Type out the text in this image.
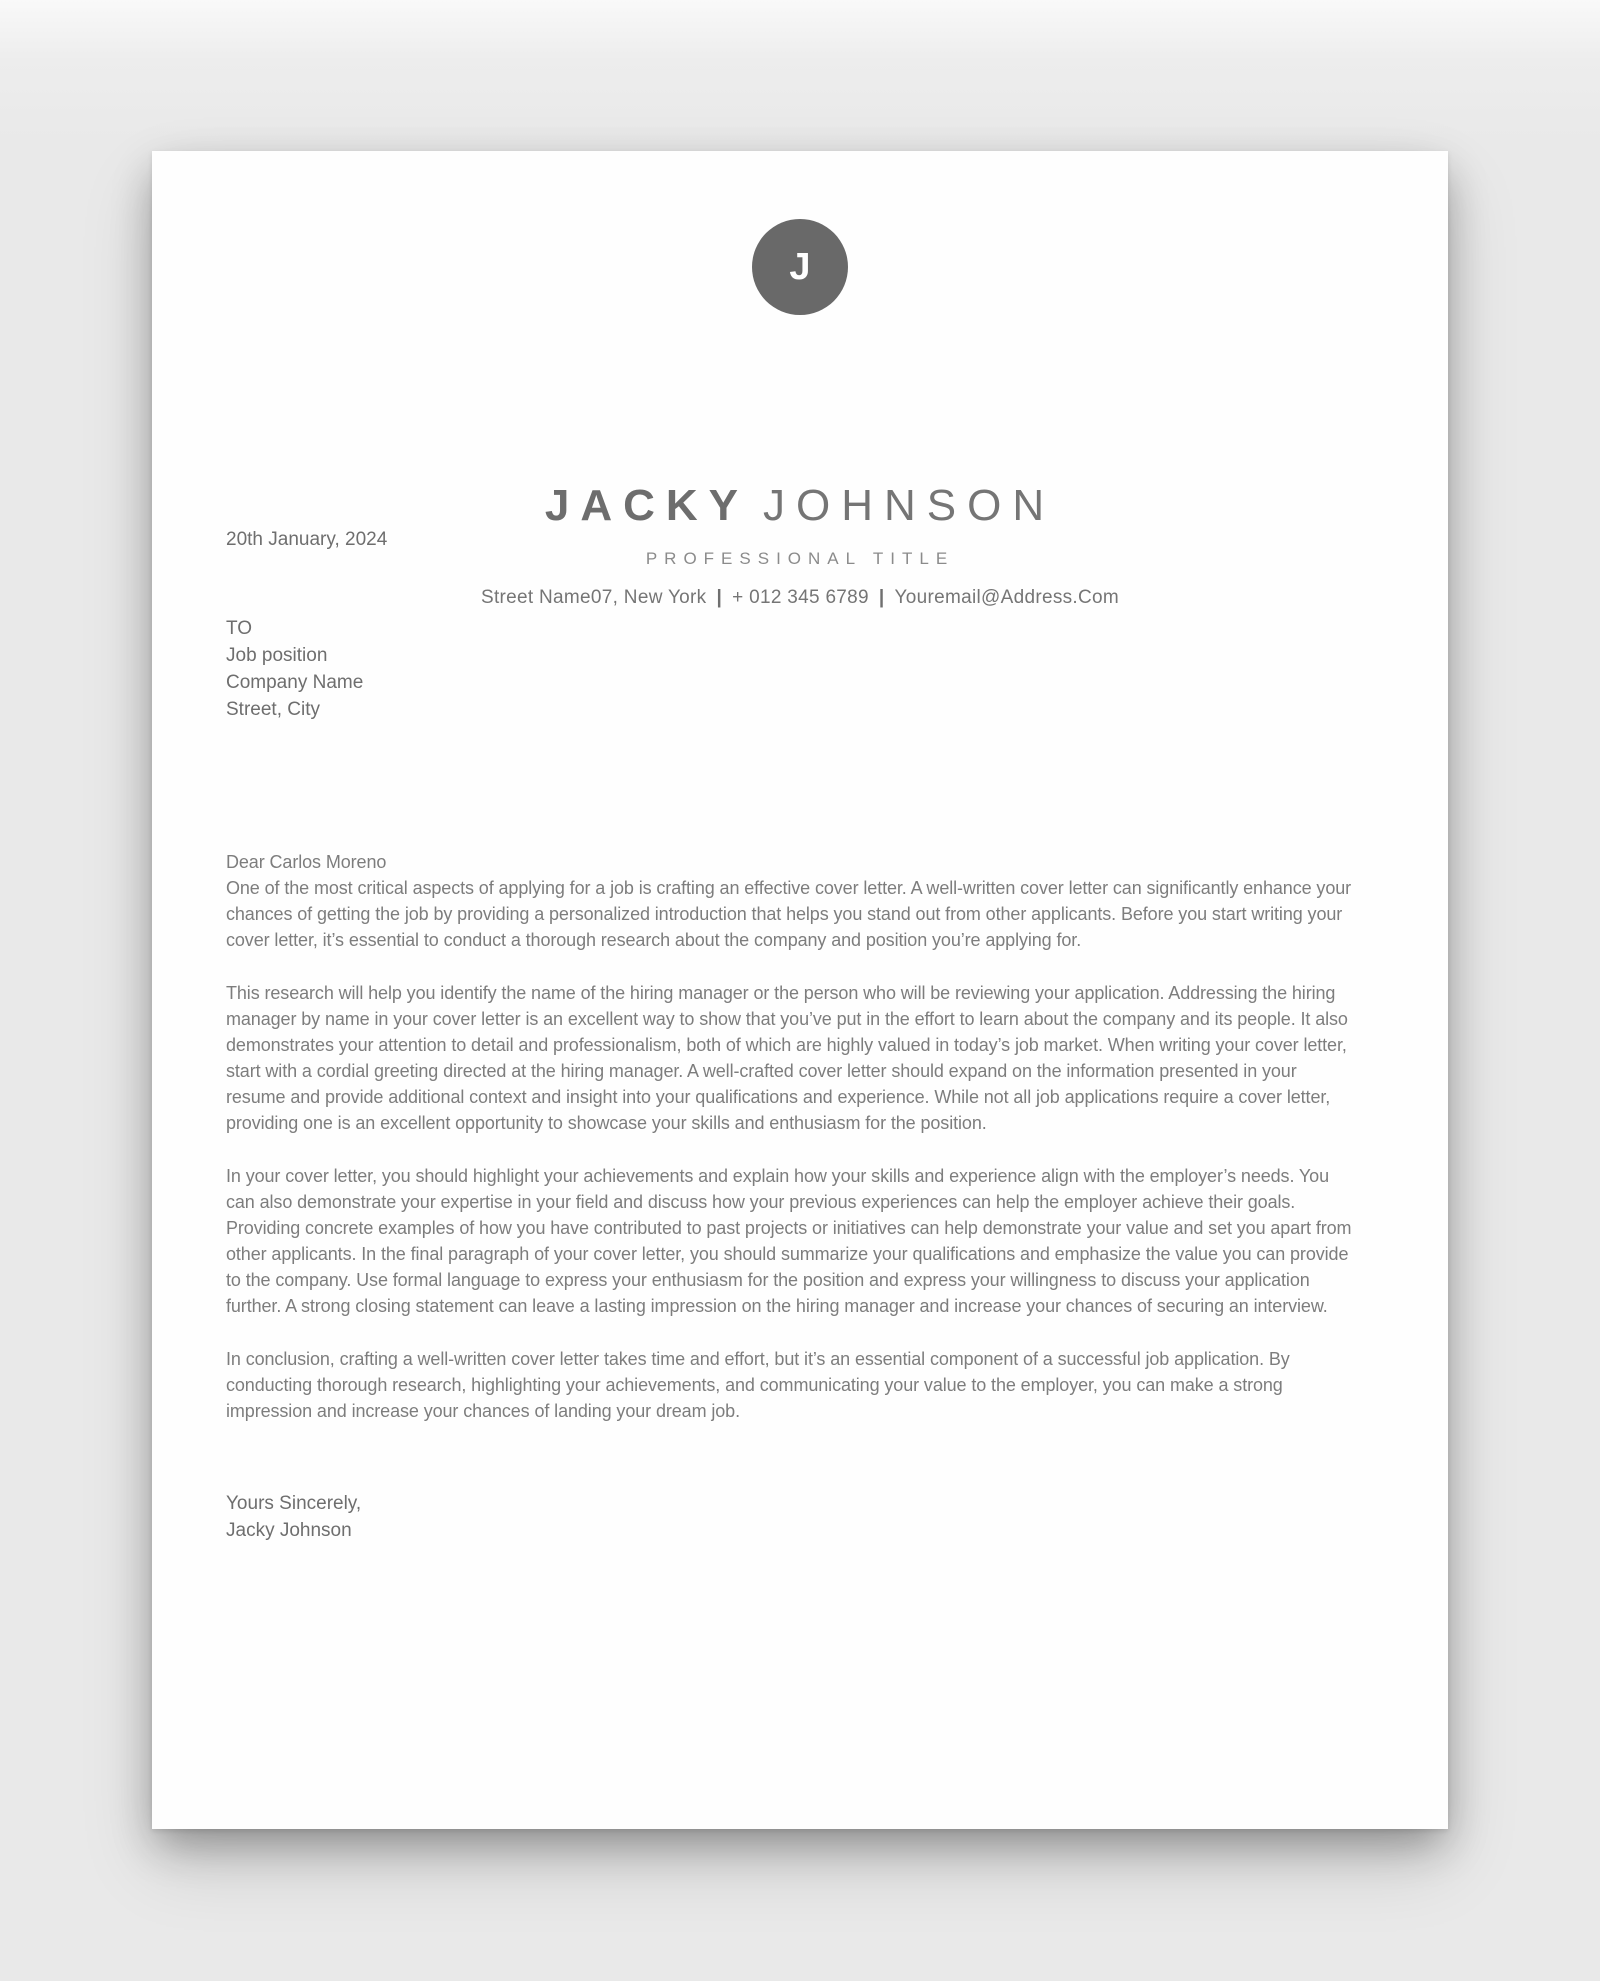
J
JACKY JOHNSON
PROFESSIONAL TITLE
Street Name07, New York | + 012 345 6789 | Youremail@Address.Com
20th January, 2024
TO
Job position
Company Name
Street, City

Dear Carlos Moreno
One of the most critical aspects of applying for a job is crafting an effective cover letter. A well-written cover letter can significantly enhance your chances of getting the job by providing a personalized introduction that helps you stand out from other applicants. Before you start writing your cover letter, it’s essential to conduct a thorough research about the company and position you’re applying for.

This research will help you identify the name of the hiring manager or the person who will be reviewing your application. Addressing the hiring manager by name in your cover letter is an excellent way to show that you’ve put in the effort to learn about the company and its people. It also demonstrates your attention to detail and professionalism, both of which are highly valued in today’s job market. When writing your cover letter, start with a cordial greeting directed at the hiring manager. A well-crafted cover letter should expand on the information presented in your resume and provide additional context and insight into your qualifications and experience. While not all job applications require a cover letter, providing one is an excellent opportunity to showcase your skills and enthusiasm for the position.

In your cover letter, you should highlight your achievements and explain how your skills and experience align with the employer’s needs. You can also demonstrate your expertise in your field and discuss how your previous experiences can help the employer achieve their goals. Providing concrete examples of how you have contributed to past projects or initiatives can help demonstrate your value and set you apart from other applicants. In the final paragraph of your cover letter, you should summarize your qualifications and emphasize the value you can provide to the company. Use formal language to express your enthusiasm for the position and express your willingness to discuss your application further. A strong closing statement can leave a lasting impression on the hiring manager and increase your chances of securing an interview.

In conclusion, crafting a well-written cover letter takes time and effort, but it’s an essential component of a successful job application. By conducting thorough research, highlighting your achievements, and communicating your value to the employer, you can make a strong impression and increase your chances of landing your dream job.

Yours Sincerely,
Jacky Johnson
